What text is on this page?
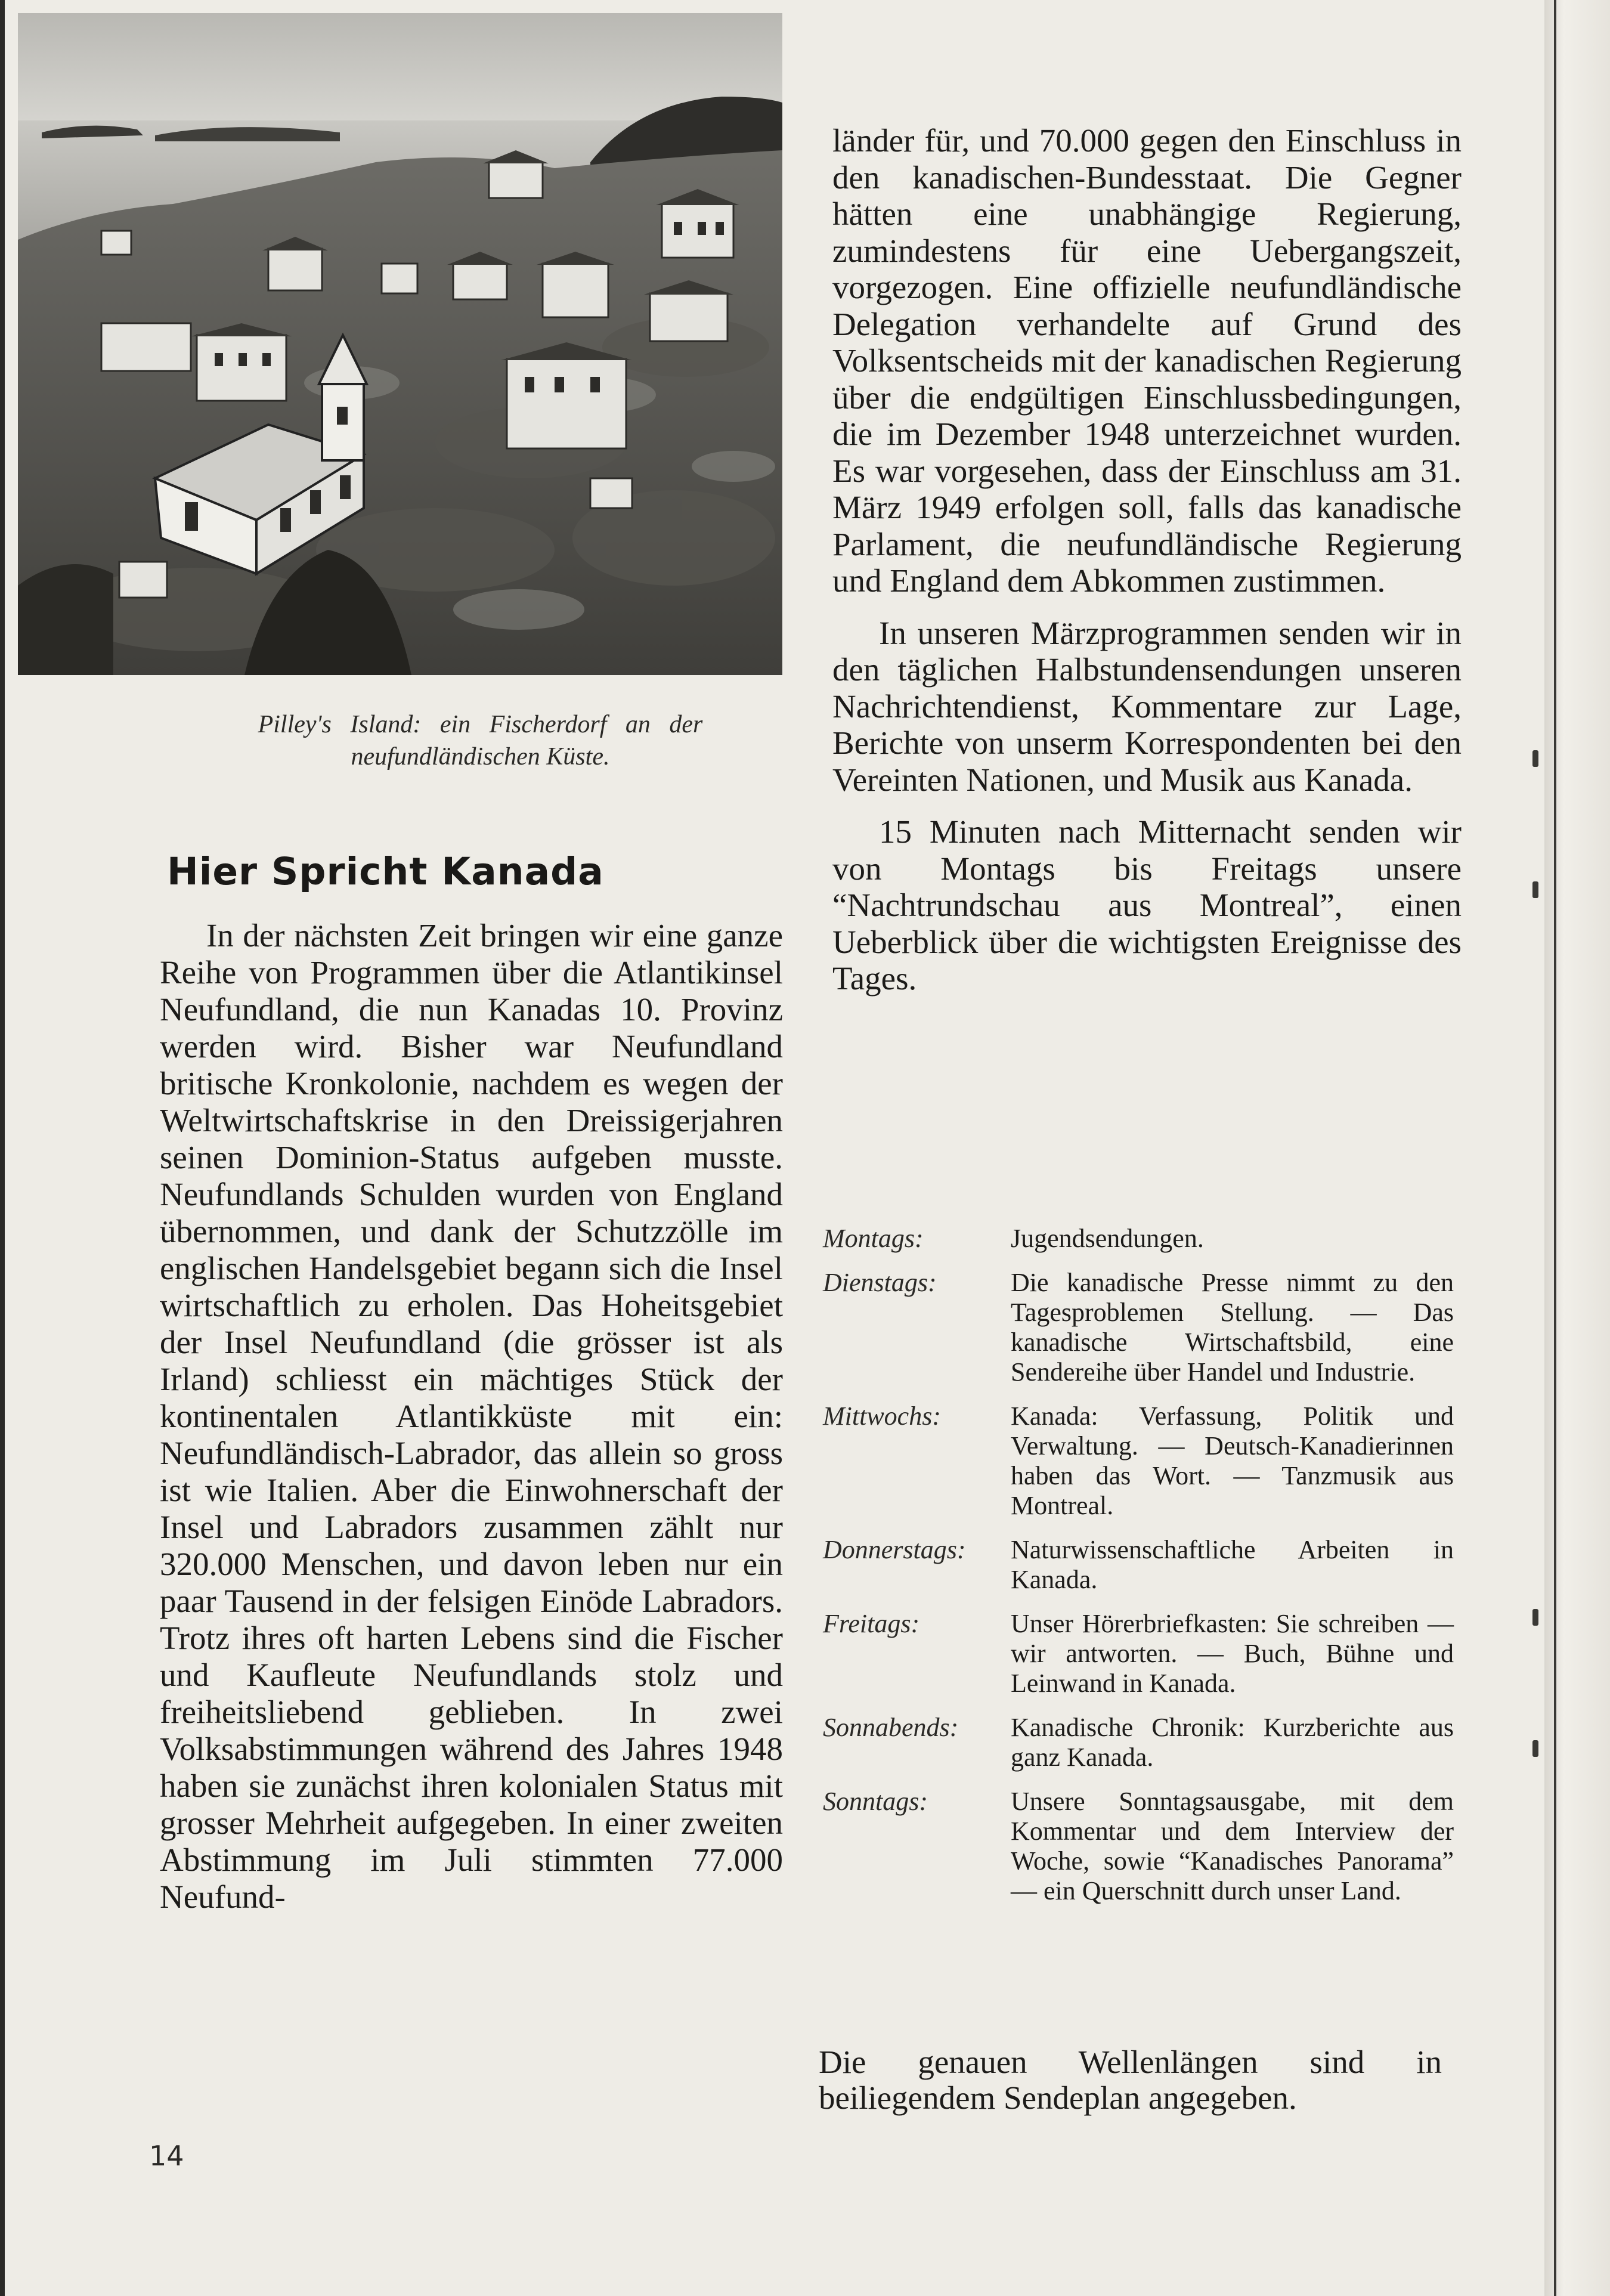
Pilley's   Island:   ein   Fischerdorf   an   der
neufundländischen Küste.
Hier Spricht Kanada

In der nächsten Zeit bringen wir eine ganze Reihe von Programmen über die Atlantikinsel Neufundland, die nun Kanadas 10. Provinz werden wird. Bisher war Neufundland britische Kronkolonie, nachdem es wegen der Weltwirtschaftskrise in den Dreissigerjahren seinen Dominion-Status aufgeben musste. Neufundlands Schulden wurden von England übernommen, und dank der Schutzzölle im englischen Handelsgebiet begann sich die Insel wirtschaftlich zu erholen. Das Hoheitsgebiet der Insel Neufundland (die grösser ist als Irland) schliesst ein mächtiges Stück der kontinentalen Atlantikküste mit ein: Neufundländisch-Labrador, das allein so gross ist wie Italien. Aber die Einwohnerschaft der Insel und Labradors zusammen zählt nur 320.000 Menschen, und davon leben nur ein paar Tausend in der felsigen Einöde Labradors. Trotz ihres oft harten Lebens sind die Fischer und Kaufleute Neufundlands stolz und freiheitsliebend geblieben. In zwei Volksabstimmungen während des Jahres 1948 haben sie zunächst ihren kolonialen Status mit grosser Mehrheit aufgegeben. In einer zweiten Abstimmung im Juli stimmten 77.000 Neufund-

länder für, und 70.000 gegen den Einschluss in den kanadischen-Bundesstaat. Die Gegner hätten eine unabhängige Regierung, zumindestens für eine Uebergangszeit, vorgezogen. Eine offizielle neufundländische Delegation verhandelte auf Grund des Volksentscheids mit der kanadischen Regierung über die endgültigen Einschlussbedingungen, die im Dezember 1948 unterzeichnet wurden. Es war vorgesehen, dass der Einschluss am 31. März 1949 erfolgen soll, falls das kanadische Parlament, die neufundländische Regierung und England dem Abkommen zustimmen.

In unseren Märzprogrammen senden wir in den täglichen Halbstundensendungen unseren Nachrichtendienst, Kommentare zur Lage, Berichte von unserm Korrespondenten bei den Vereinten Nationen, und Musik aus Kanada.

15 Minuten nach Mitternacht senden wir von Montags bis Freitags unsere “Nachtrundschau aus Montreal”, einen Ueberblick über die wichtigsten Ereignisse des Tages.

Montags:	Jugendsendungen.
Dienstags:	Die kanadische Presse nimmt zu den Tagesproblemen Stellung. — Das kanadische Wirtschaftsbild, eine Sendereihe über Handel und Industrie.
Mittwochs:	Kanada: Verfassung, Politik und Verwaltung. — Deutsch-Kanadierinnen haben das Wort. — Tanzmusik aus Montreal.
Donnerstags:	Naturwissenschaftliche Arbeiten in Kanada.
Freitags:	Unser Hörerbriefkasten: Sie schreiben — wir antworten. — Buch, Bühne und Leinwand in Kanada.
Sonnabends:	Kanadische Chronik: Kurzberichte aus ganz Kanada.
Sonntags:	Unsere Sonntagsausgabe, mit dem Kommentar und dem Interview der Woche, sowie “Kanadisches Panorama” — ein Querschnitt durch unser Land.
Die genauen Wellenlängen sind in beiliegendem Sendeplan angegeben.
14
